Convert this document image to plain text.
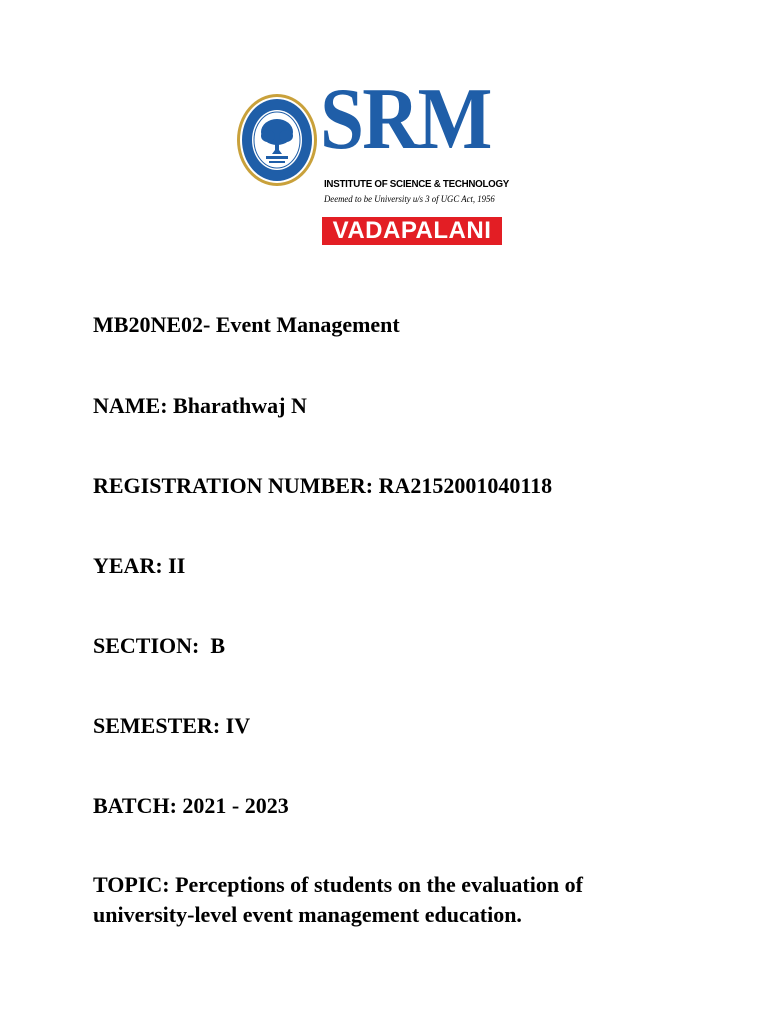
SRM
INSTITUTE OF SCIENCE & TECHNOLOGY
Deemed to be University u/s 3 of UGC Act, 1956
VADAPALANI
MB20NE02- Event Management
NAME: Bharathwaj N
REGISTRATION NUMBER: RA2152001040118
YEAR: II
SECTION:  B
SEMESTER: IV
BATCH: 2021 - 2023
TOPIC: Perceptions of students on the evaluation of
university-level event management education.
